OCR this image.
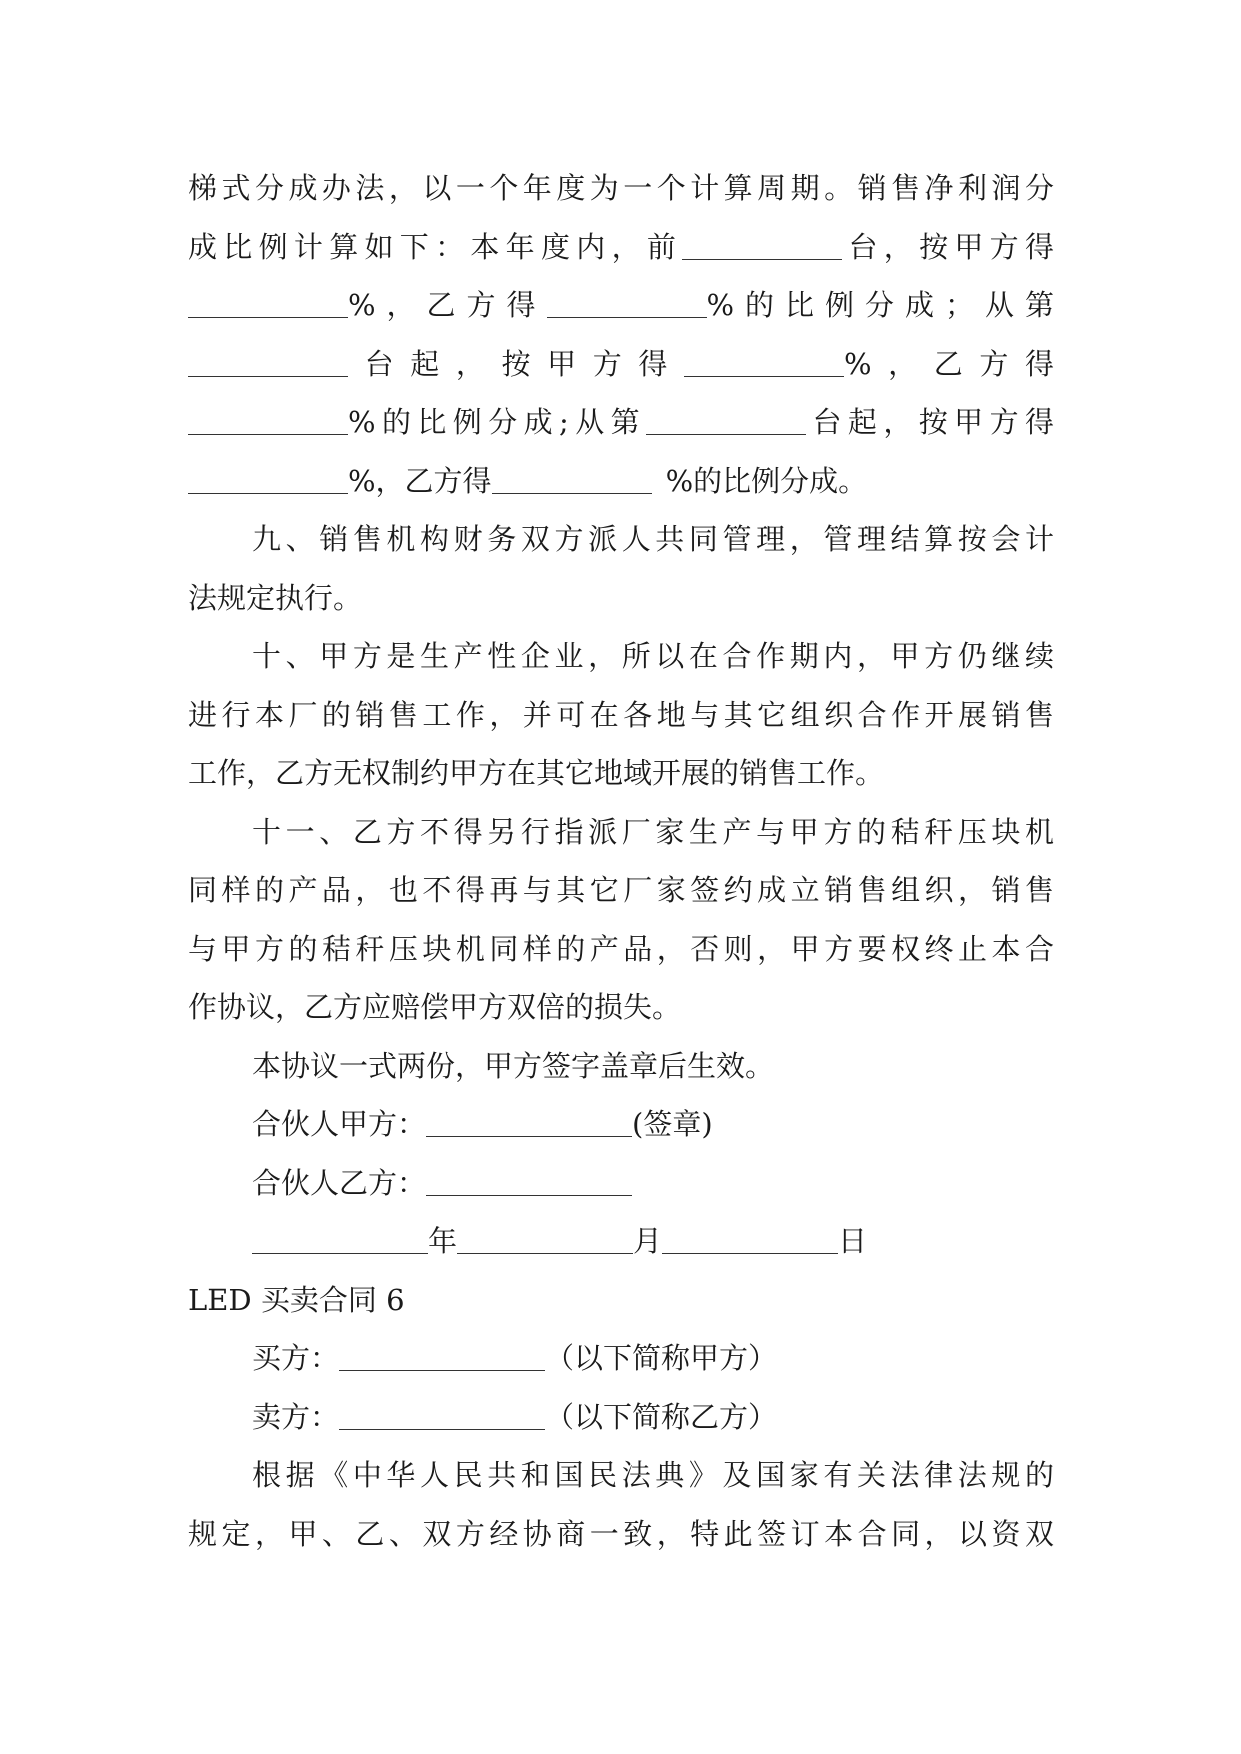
梯式分成办法，以一个年度为一个计算周期。销售净利润分
成比例计算如下：本年度内，前	台，按甲方得
%，乙方得	%的比例分成；从第
台起，按甲方得	%，乙方得
%的比例分成;从第	台起，按甲方得
%，乙方得	%的比例分成。
九、销售机构财务双方派人共同管理，管理结算按会计
法规定执行。
十、甲方是生产性企业，所以在合作期内，甲方仍继续
进行本厂的销售工作，并可在各地与其它组织合作开展销售
工作，乙方无权制约甲方在其它地域开展的销售工作。
十一、乙方不得另行指派厂家生产与甲方的秸秆压块机
同样的产品，也不得再与其它厂家签约成立销售组织，销售
与甲方的秸秆压块机同样的产品，否则，甲方要权终止本合
作协议，乙方应赔偿甲方双倍的损失。
本协议一式两份，甲方签字盖章后生效。
合伙人甲方：	(签章)
合伙人乙方：
年	月	日
LED 买卖合同 6
买方：	（以下简称甲方）
卖方：	（以下简称乙方）
根据《中华人民共和国民法典》及国家有关法律法规的
规定，甲、乙、双方经协商一致，特此签订本合同，以资双
